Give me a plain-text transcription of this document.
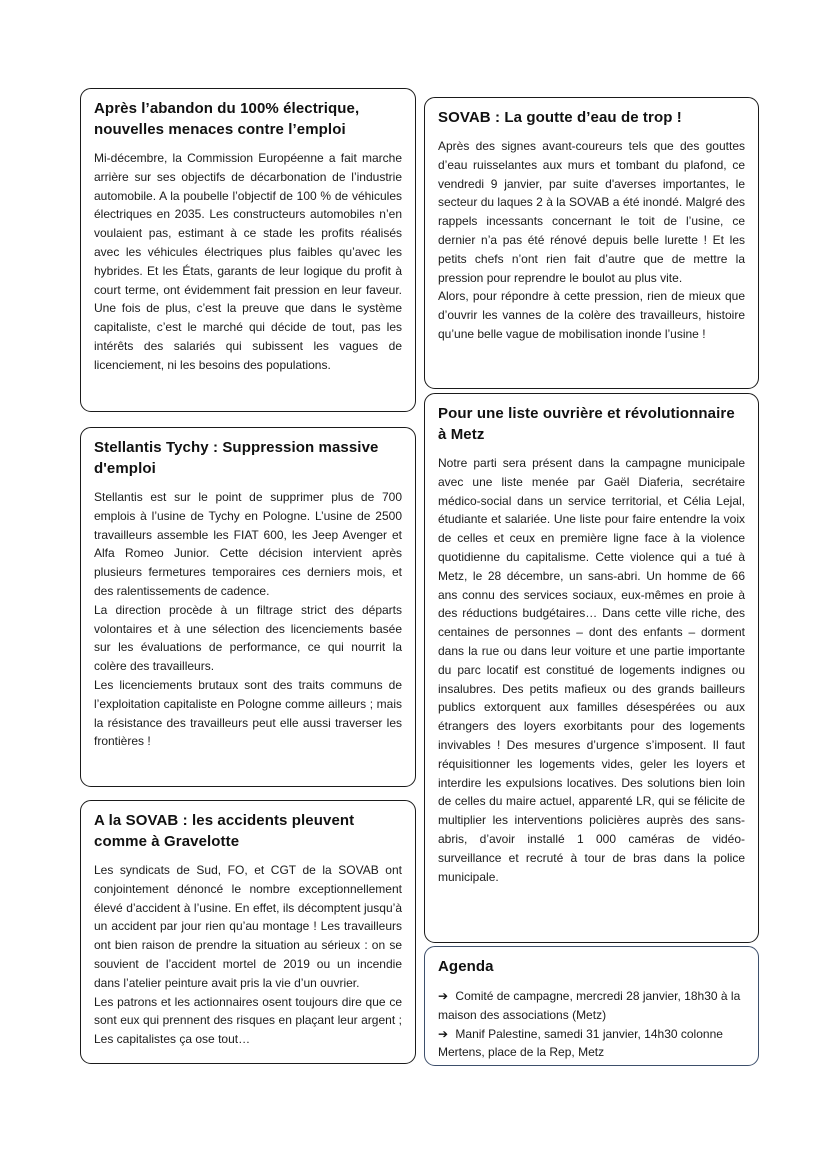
Après l’abandon du 100% électrique, nouvelles menaces contre l’emploi

Mi-décembre, la Commission Européenne a fait marche arrière sur ses objectifs de décarbonation de l’industrie automobile. A la poubelle l’objectif de 100 % de véhicules électriques en 2035. Les constructeurs automobiles n’en voulaient pas, estimant à ce stade les profits réalisés avec les véhicules électriques plus faibles qu’avec les hybrides. Et les États, garants de leur logique du profit à court terme, ont évidemment fait pression en leur faveur. Une fois de plus, c’est la preuve que dans le système capitaliste, c’est le marché qui décide de tout, pas les intérêts des salariés qui subissent les vagues de licenciement, ni les besoins des populations.

Stellantis Tychy : Suppression massive d'emploi

Stellantis est sur le point de supprimer plus de 700 emplois à l’usine de Tychy en Pologne. L’usine de 2500 travailleurs assemble les FIAT 600, les Jeep Avenger et Alfa Romeo Junior. Cette décision intervient après plusieurs fermetures temporaires ces derniers mois, et des ralentissements de cadence.

La direction procède à un filtrage strict des départs volontaires et à une sélection des licenciements basée sur les évaluations de performance, ce qui nourrit la colère des travailleurs.

Les licenciements brutaux sont des traits communs de l’exploitation capitaliste en Pologne comme ailleurs ; mais la résistance des travailleurs peut elle aussi traverser les frontières !

A la SOVAB : les accidents pleuvent comme à Gravelotte

Les syndicats de Sud, FO, et CGT de la SOVAB ont conjointement dénoncé le nombre exceptionnellement élevé d’accident à l’usine. En effet, ils décomptent jusqu’à un accident par jour rien qu’au montage ! Les travailleurs ont bien raison de prendre la situation au sérieux : on se souvient de l’accident mortel de 2019 ou un incendie dans l’atelier peinture avait pris la vie d’un ouvrier.

Les patrons et les actionnaires osent toujours dire que ce sont eux qui prennent des risques en plaçant leur argent ; Les capitalistes ça ose tout…

SOVAB : La goutte d’eau de trop !

Après des signes avant-coureurs tels que des gouttes d’eau ruisselantes aux murs et tombant du plafond, ce vendredi 9 janvier, par suite d'averses importantes, le secteur du laques 2 à la SOVAB a été inondé. Malgré des rappels incessants concernant le toit de l’usine, ce dernier n’a pas été rénové depuis belle lurette ! Et les petits chefs n’ont rien fait d’autre que de mettre la pression pour reprendre le boulot au plus vite.

Alors, pour répondre à cette pression, rien de mieux que d’ouvrir les vannes de la colère des travailleurs, histoire qu’une belle vague de mobilisation inonde l’usine !

Pour une liste ouvrière et révolutionnaire à Metz

Notre parti sera présent dans la campagne municipale avec une liste menée par Gaël Diaferia, secrétaire médico-social dans un service territorial, et Célia Lejal, étudiante et salariée. Une liste pour faire entendre la voix de celles et ceux en première ligne face à la violence quotidienne du capitalisme. Cette violence qui a tué à Metz, le 28 décembre, un sans-abri. Un homme de 66 ans connu des services sociaux, eux-mêmes en proie à des réductions budgétaires… Dans cette ville riche, des centaines de personnes – dont des enfants – dorment dans la rue ou dans leur voiture et une partie importante du parc locatif est constitué de logements indignes ou insalubres. Des petits mafieux ou des grands bailleurs publics extorquent aux familles désespérées ou aux étrangers des loyers exorbitants pour des logements invivables ! Des mesures d’urgence s’imposent. Il faut réquisitionner les logements vides, geler les loyers et interdire les expulsions locatives. Des solutions bien loin de celles du maire actuel, apparenté LR, qui se félicite de multiplier les interventions policières auprès des sans-abris, d’avoir installé 1 000 caméras de vidéo-surveillance et recruté à tour de bras dans la police municipale.

Agenda

➔ Comité de campagne, mercredi 28 janvier, 18h30 à la maison des associations (Metz)

➔ Manif Palestine, samedi 31 janvier, 14h30 colonne Mertens, place de la Rep, Metz
